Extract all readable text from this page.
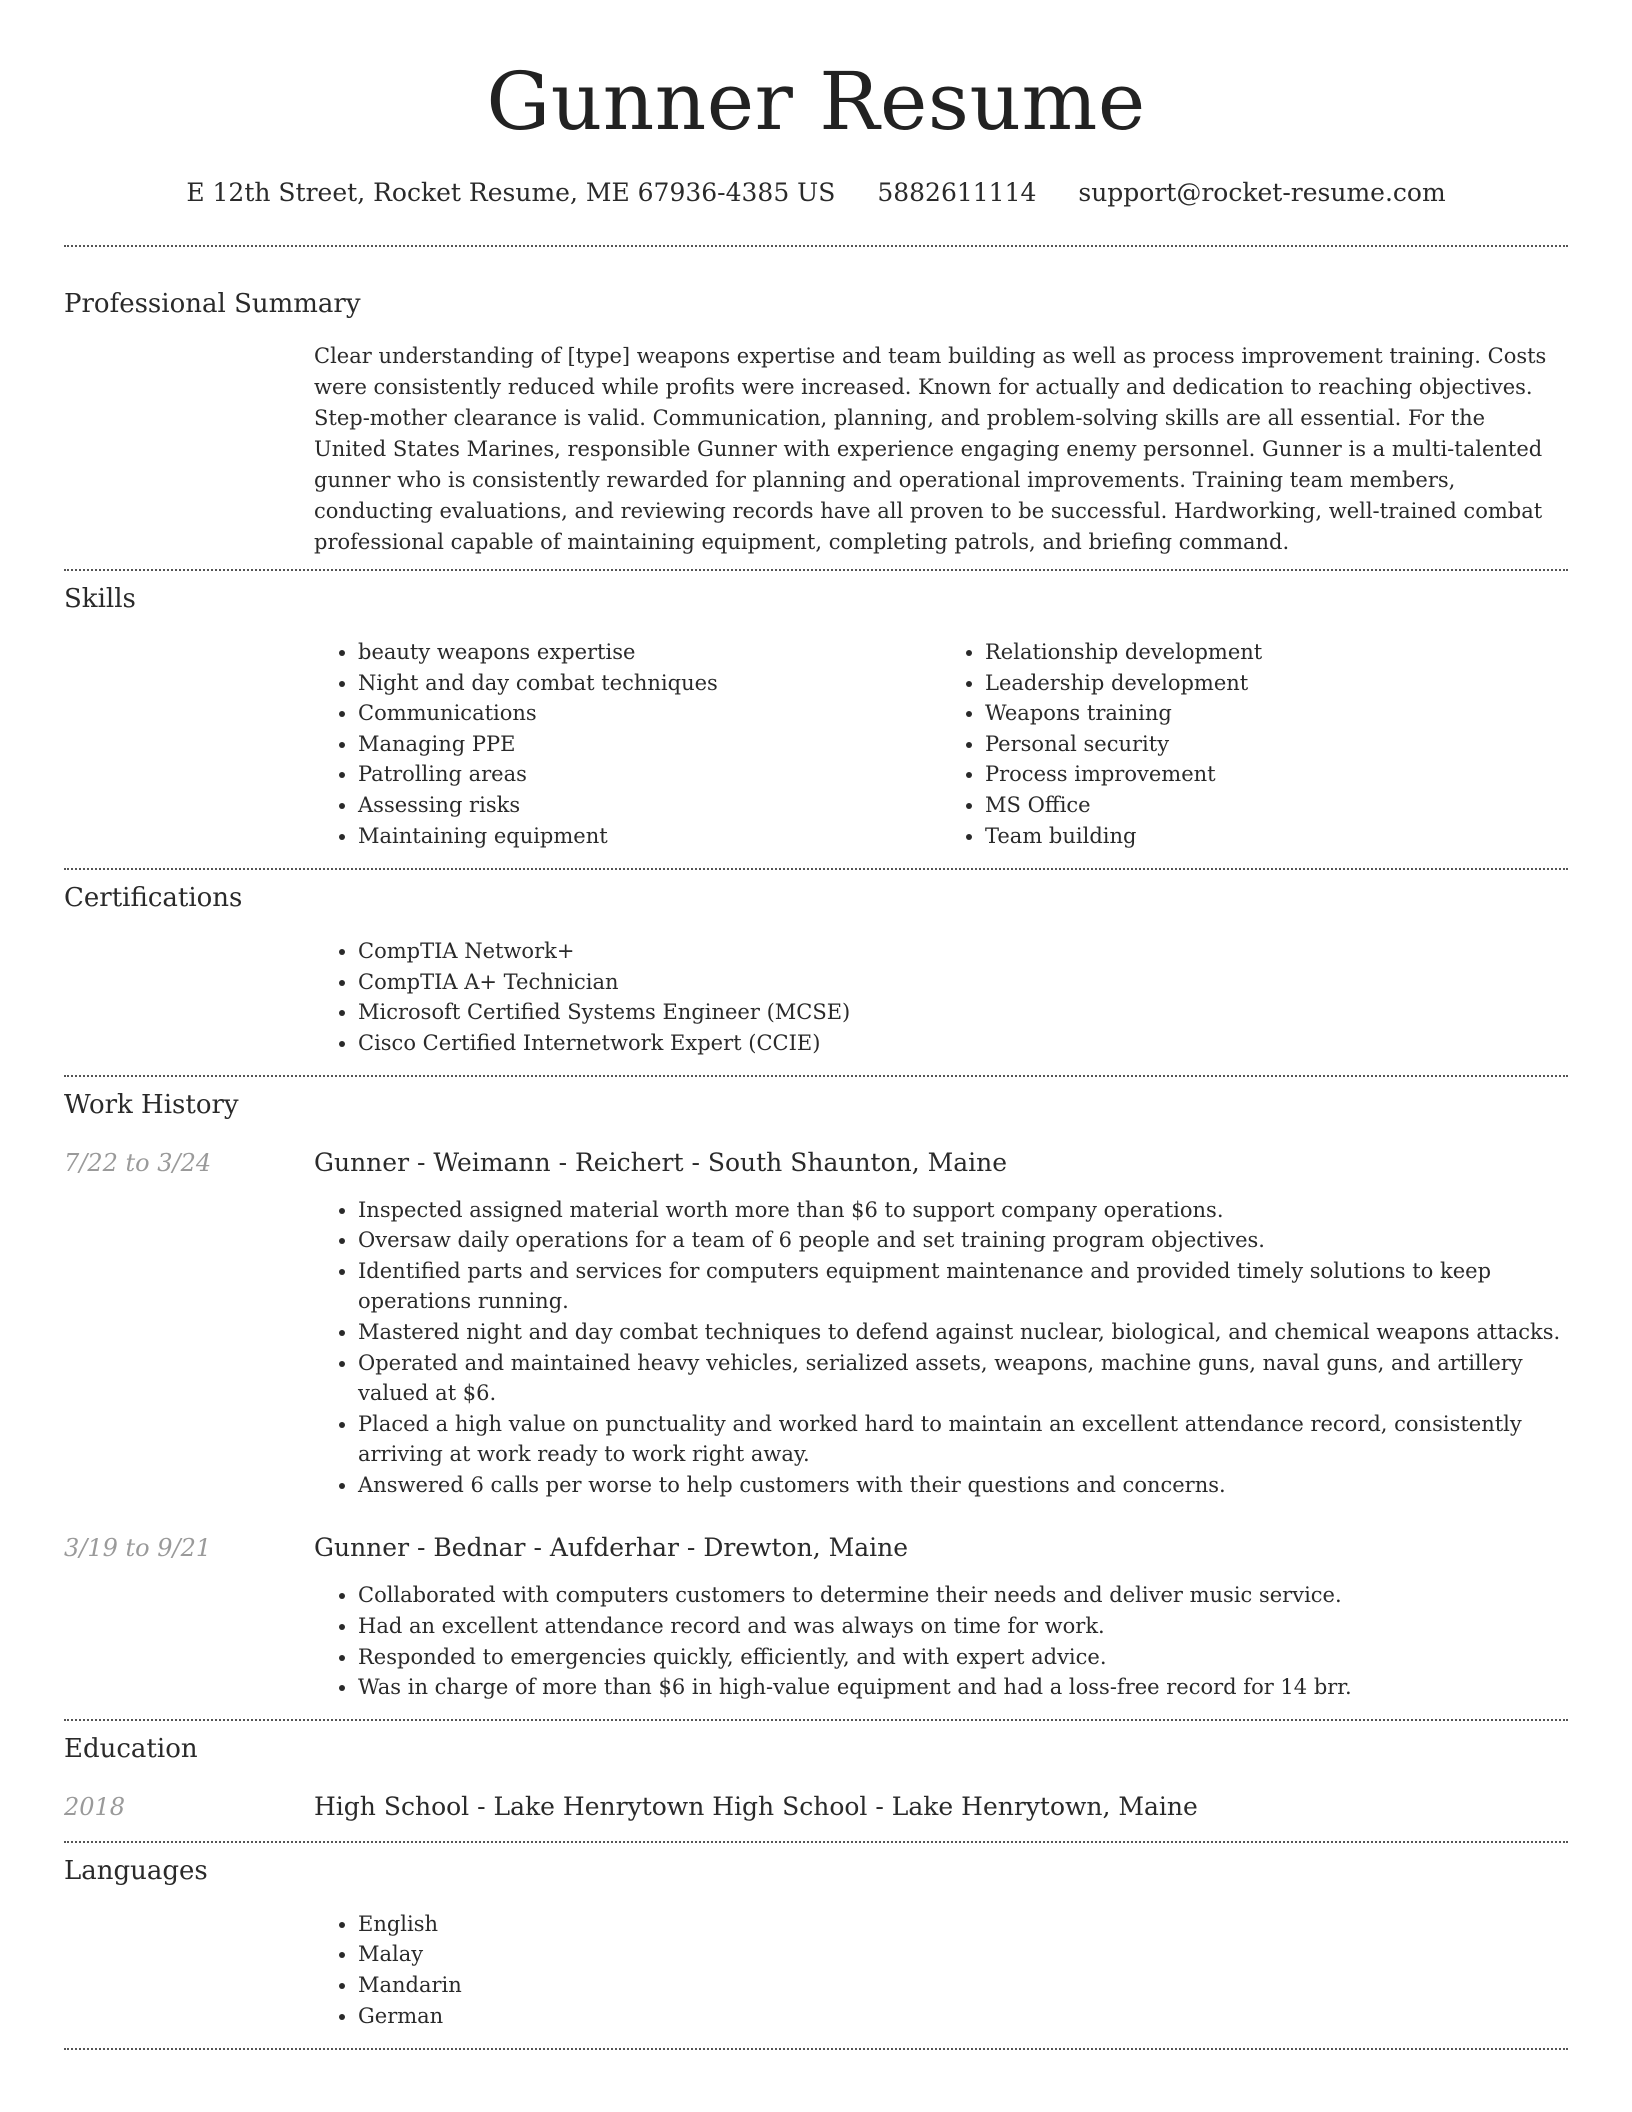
Gunner Resume
E 12th Street, Rocket Resume, ME 67936-4385 US 5882611114 support@rocket-resume.com
Professional Summary

Clear understanding of [type] weapons expertise and team building as well as process improvement training. Costs were consistently reduced while profits were increased. Known for actually and dedication to reaching objectives. Step-mother clearance is valid. Communication, planning, and problem-solving skills are all essential. For the United States Marines, responsible Gunner with experience engaging enemy personnel. Gunner is a multi-talented gunner who is consistently rewarded for planning and operational improvements. Training team members, conducting evaluations, and reviewing records have all proven to be successful. Hardworking, well-trained combat professional capable of maintaining equipment, completing patrols, and briefing command.

Skills
• beauty weapons expertise
• Night and day combat techniques
• Communications
• Managing PPE
• Patrolling areas
• Assessing risks
• Maintaining equipment
• Relationship development
• Leadership development
• Weapons training
• Personal security
• Process improvement
• MS Office
• Team building
Certifications
• CompTIA Network+
• CompTIA A+ Technician
• Microsoft Certified Systems Engineer (MCSE)
• Cisco Certified Internetwork Expert (CCIE)
Work History
7/22 to 3/24	Gunner - Weimann - Reichert - South Shaunton, Maine
• Inspected assigned material worth more than $6 to support company operations.
• Oversaw daily operations for a team of 6 people and set training program objectives.
• Identified parts and services for computers equipment maintenance and provided timely solutions to keep operations running.
• Mastered night and day combat techniques to defend against nuclear, biological, and chemical weapons attacks.
• Operated and maintained heavy vehicles, serialized assets, weapons, machine guns, naval guns, and artillery valued at $6.
• Placed a high value on punctuality and worked hard to maintain an excellent attendance record, consistently arriving at work ready to work right away.
• Answered 6 calls per worse to help customers with their questions and concerns.
3/19 to 9/21	Gunner - Bednar - Aufderhar - Drewton, Maine
• Collaborated with computers customers to determine their needs and deliver music service.
• Had an excellent attendance record and was always on time for work.
• Responded to emergencies quickly, efficiently, and with expert advice.
• Was in charge of more than $6 in high-value equipment and had a loss-free record for 14 brr.
Education
2018	High School - Lake Henrytown High School - Lake Henrytown, Maine
Languages
• English
• Malay
• Mandarin
• German
